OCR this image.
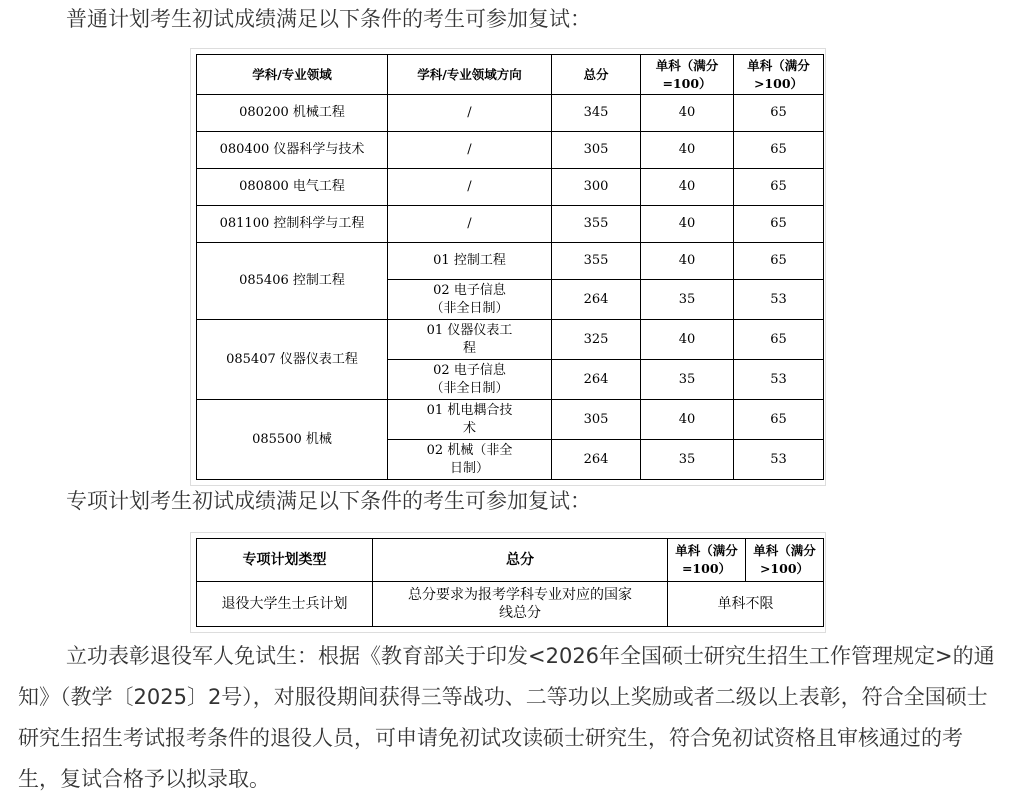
普通计划考生初试成绩满足以下条件的考生可参加复试：
学科/专业领域	学科/专业领域方向	总分	单科（满分=100）	单科（满分>100）
080200 机械工程	/	345	40	65
080400 仪器科学与技术	/	305	40	65
080800 电气工程	/	300	40	65
081100 控制科学与工程	/	355	40	65
085406 控制工程	01 控制工程	355	40	65
	02 电子信息（非全日制）	264	35	53
085407 仪器仪表工程	01 仪器仪表工程	325	40	65
	02 电子信息（非全日制）	264	35	53
085500 机械	01 机电耦合技术	305	40	65
	02 机械（非全日制）	264	35	53
专项计划考生初试成绩满足以下条件的考生可参加复试：
专项计划类型	总分	单科（满分=100）	单科（满分>100）
退役大学生士兵计划	总分要求为报考学科专业对应的国家线总分	单科不限	
立功表彰退役军人免试生：根据《教育部关于印发<2026年全国硕士研究生招生工作管理规定>的通知》（教学〔2025〕2号），对服役期间获得三等战功、二等功以上奖励或者二级以上表彰，符合全国硕士研究生招生考试报考条件的退役人员，可申请免初试攻读硕士研究生，符合免初试资格且审核通过的考生，复试合格予以拟录取。
